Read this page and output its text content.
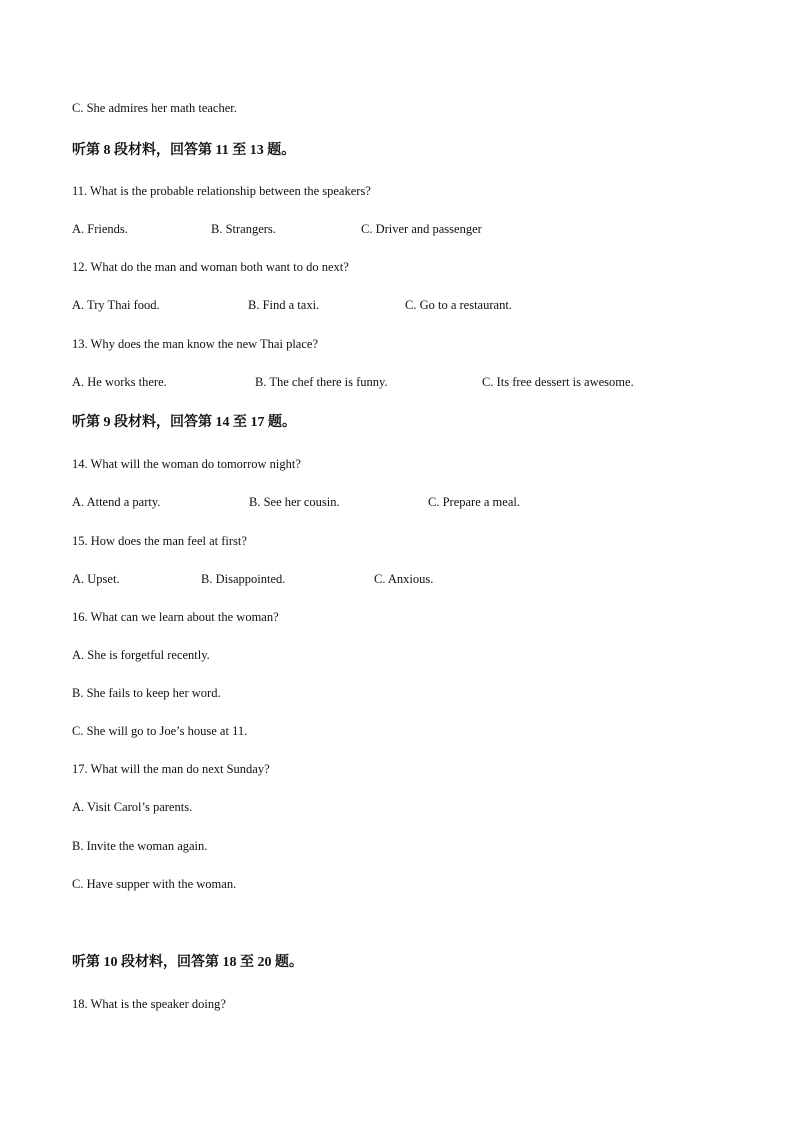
C. She admires her math teacher.
听第 8 段材料，回答第 11 至 13 题。
11. What is the probable relationship between the speakers?
A. Friends.	B. Strangers.	C. Driver and passenger
12. What do the man and woman both want to do next?
A. Try Thai food.	B. Find a taxi.	C. Go to a restaurant.
13. Why does the man know the new Thai place?
A. He works there.	B. The chef there is funny.	C. Its free dessert is awesome.
听第 9 段材料，回答第 14 至 17 题。
14. What will the woman do tomorrow night?
A. Attend a party.	B. See her cousin.	C. Prepare a meal.
15. How does the man feel at first?
A. Upset.	B. Disappointed.	C. Anxious.
16. What can we learn about the woman?
A. She is forgetful recently.
B. She fails to keep her word.
C. She will go to Joe’s house at 11.
17. What will the man do next Sunday?
A. Visit Carol’s parents.
B. Invite the woman again.
C. Have supper with the woman.
听第 10 段材料，回答第 18 至 20 题。
18. What is the speaker doing?
